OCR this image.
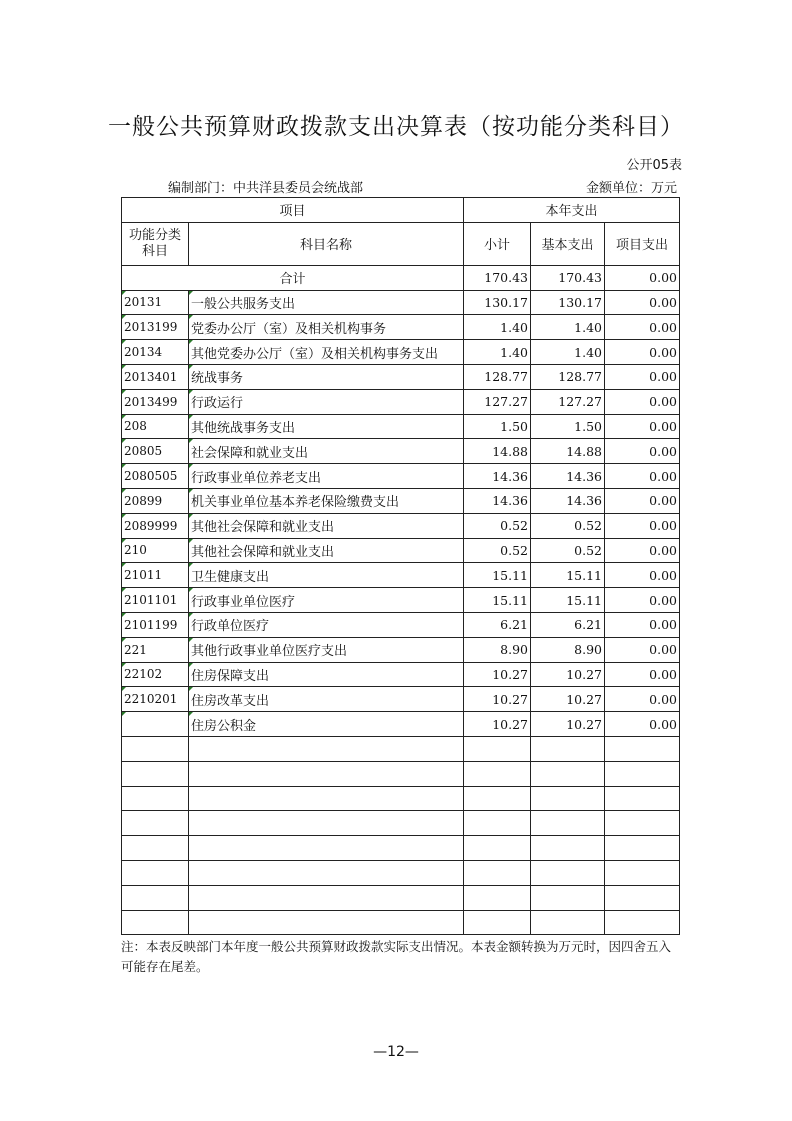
一般公共预算财政拨款支出决算表（按功能分类科目）
公开05表
编制部门：中共洋县委员会统战部	金额单位：万元
项目		本年支出		

功能分类
科目	科目名称	小计	基本支出	项目支出
合计		170.43	170.43	0.00
20131	一般公共服务支出	130.17	130.17	0.00
2013199	党委办公厅（室）及相关机构事务	1.40	1.40	0.00
20134	其他党委办公厅（室）及相关机构事务支出	1.40	1.40	0.00
2013401	统战事务	128.77	128.77	0.00
2013499	行政运行	127.27	127.27	0.00
208	其他统战事务支出	1.50	1.50	0.00
20805	社会保障和就业支出	14.88	14.88	0.00
2080505	行政事业单位养老支出	14.36	14.36	0.00
20899	机关事业单位基本养老保险缴费支出	14.36	14.36	0.00
2089999	其他社会保障和就业支出	0.52	0.52	0.00
210	其他社会保障和就业支出	0.52	0.52	0.00
21011	卫生健康支出	15.11	15.11	0.00
2101101	行政事业单位医疗	15.11	15.11	0.00
2101199	行政单位医疗	6.21	6.21	0.00
221	其他行政事业单位医疗支出	8.90	8.90	0.00
22102	住房保障支出	10.27	10.27	0.00
2210201	住房改革支出	10.27	10.27	0.00
	住房公积金	10.27	10.27	0.00

注：本表反映部门本年度一般公共预算财政拨款实际支出情况。本表金额转换为万元时，因四舍五入可能存在尾差。
—12—
